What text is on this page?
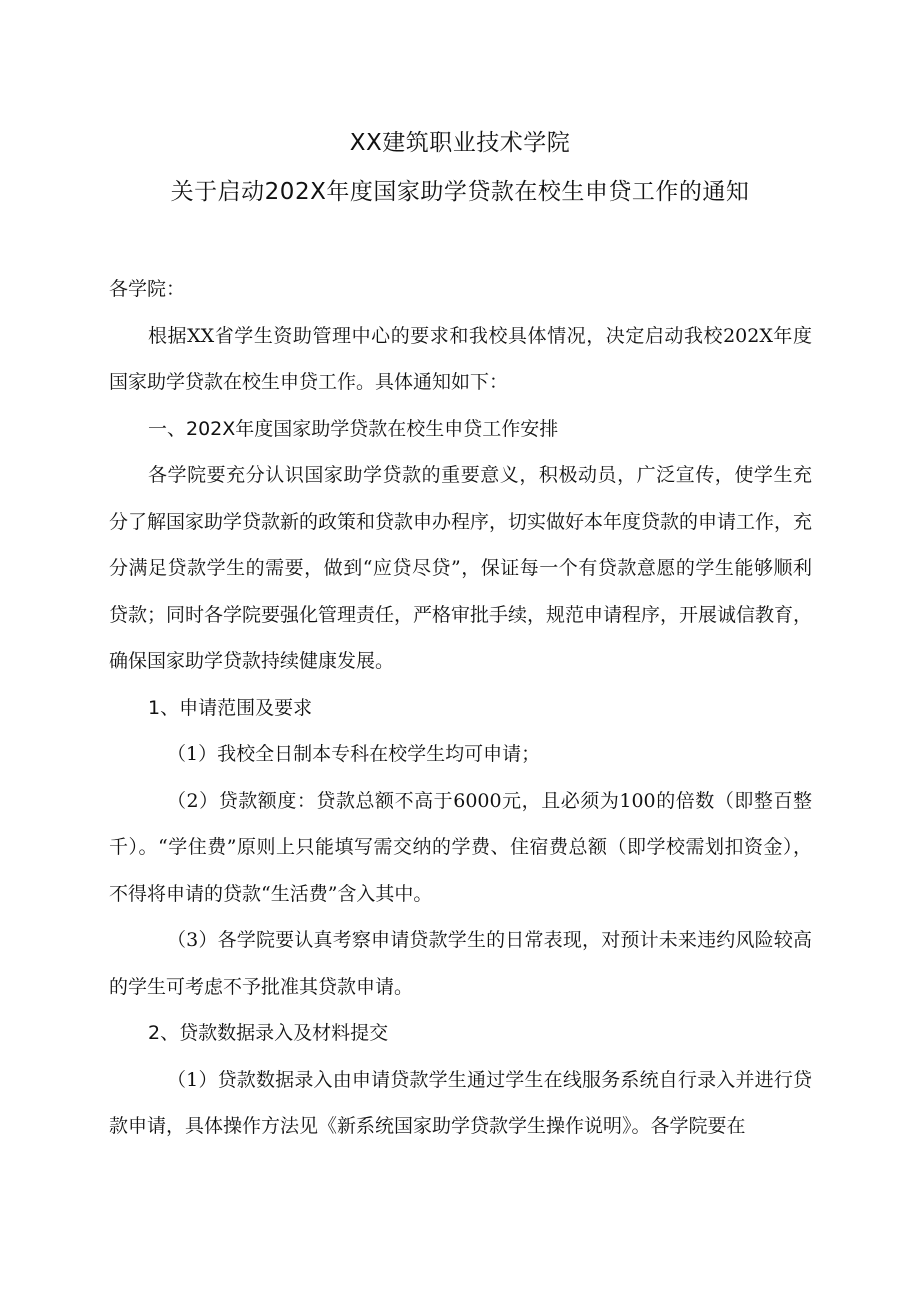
XX建筑职业技术学院
关于启动202X年度国家助学贷款在校生申贷工作的通知

各学院：

根据XX省学生资助管理中心的要求和我校具体情况，决定启动我校202X年度国家助学贷款在校生申贷工作。具体通知如下：

一、202X年度国家助学贷款在校生申贷工作安排

各学院要充分认识国家助学贷款的重要意义，积极动员，广泛宣传，使学生充分了解国家助学贷款新的政策和贷款申办程序，切实做好本年度贷款的申请工作，充分满足贷款学生的需要，做到“应贷尽贷”，保证每一个有贷款意愿的学生能够顺利贷款；同时各学院要强化管理责任，严格审批手续，规范申请程序，开展诚信教育，确保国家助学贷款持续健康发展。

1、申请范围及要求

（1）我校全日制本专科在校学生均可申请；

（2）贷款额度：贷款总额不高于6000元，且必须为100的倍数（即整百整千）。“学住费”原则上只能填写需交纳的学费、住宿费总额（即学校需划扣资金），不得将申请的贷款“生活费”含入其中。

（3）各学院要认真考察申请贷款学生的日常表现，对预计未来违约风险较高的学生可考虑不予批准其贷款申请。

2、贷款数据录入及材料提交

（1）贷款数据录入由申请贷款学生通过学生在线服务系统自行录入并进行贷款申请，具体操作方法见《新系统国家助学贷款学生操作说明》。各学院要在
